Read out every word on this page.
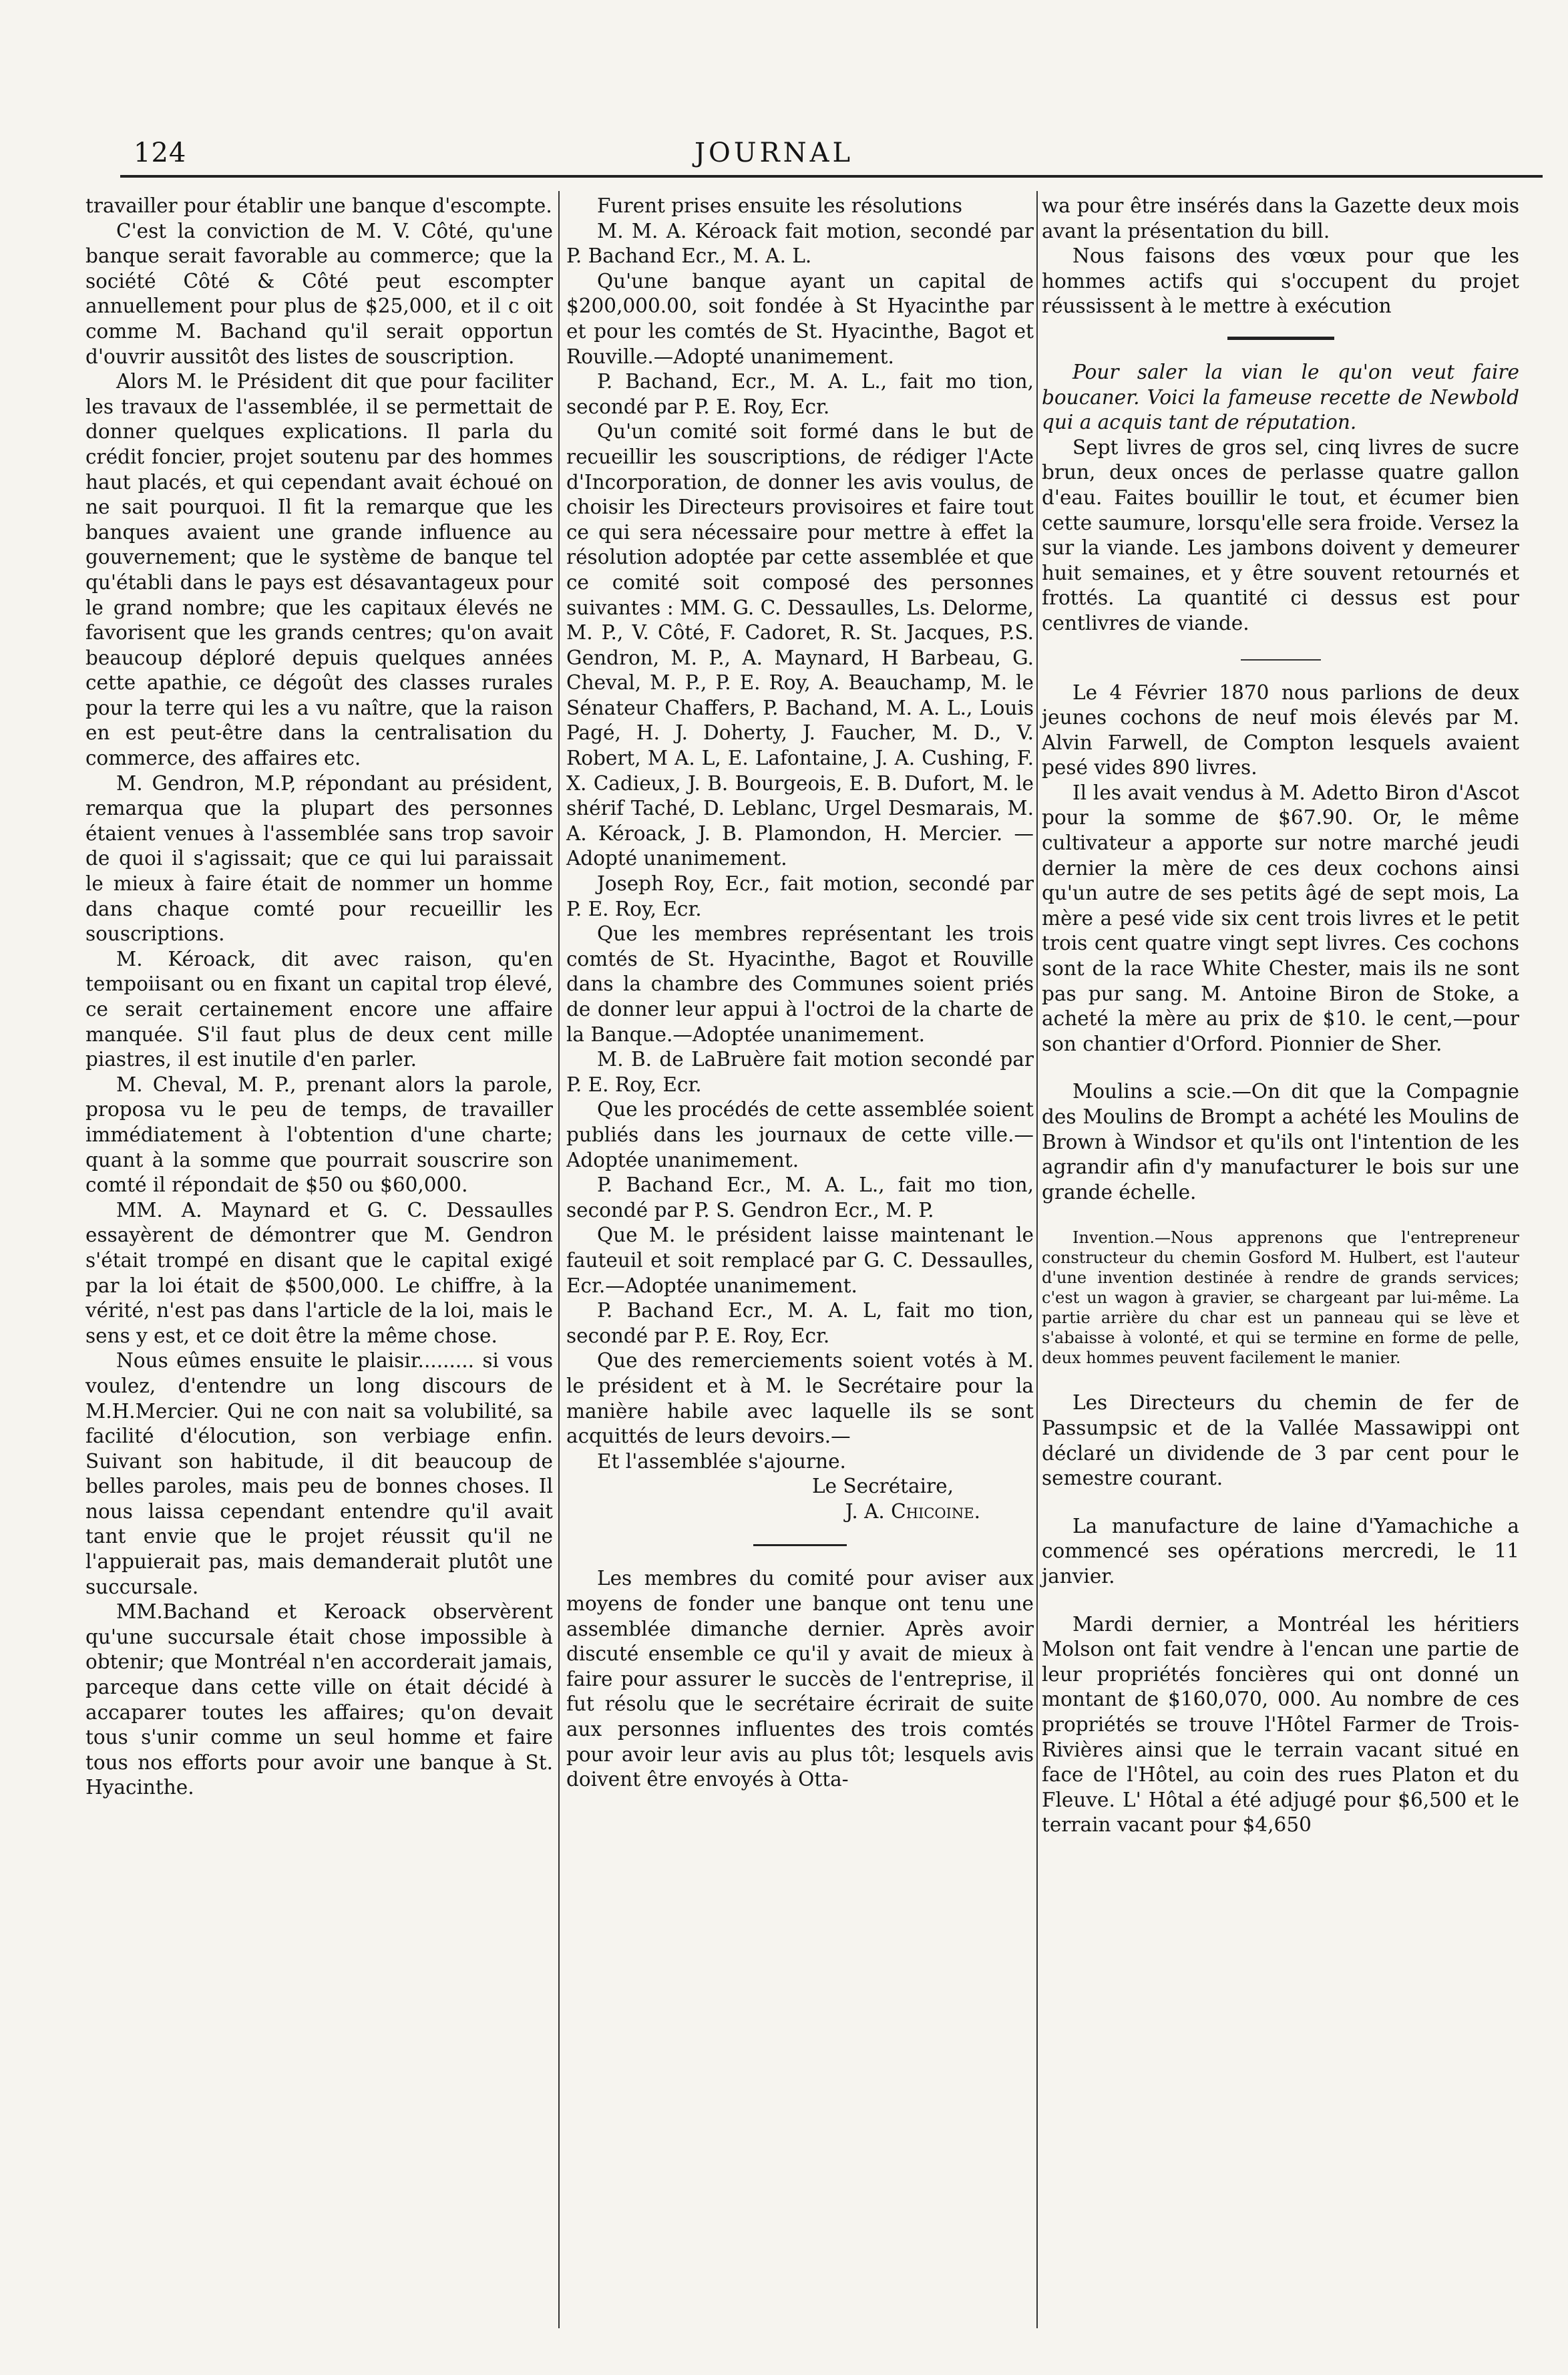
124	JOURNAL

travailler pour établir une banque d'escompte.

C'est la conviction de M. V. Côté, qu'une banque serait favorable au commerce; que la société Côté & Côté peut escompter annuellement pour plus de $25,000, et il c oit comme M. Bachand qu'il serait opportun d'ouvrir aussitôt des listes de souscription.

Alors M. le Président dit que pour faciliter les travaux de l'assemblée, il se permettait de donner quelques explications. Il parla du crédit foncier, projet soutenu par des hommes haut placés, et qui cependant avait échoué on ne sait pourquoi. Il fit la remarque que les banques avaient une grande influence au gouvernement; que le système de banque tel qu'établi dans le pays est désavantageux pour le grand nombre; que les capitaux élevés ne favorisent que les grands centres; qu'on avait beaucoup déploré depuis quelques années cette apathie, ce dégoût des classes rurales pour la terre qui les a vu naître, que la raison en est peut-être dans la centralisation du commerce, des affaires etc.

M. Gendron, M.P, répondant au président, remarqua que la plupart des personnes étaient venues à l'assemblée sans trop savoir de quoi il s'agissait; que ce qui lui paraissait le mieux à faire était de nommer un homme dans chaque comté pour recueillir les souscriptions.

M. Kéroack, dit avec raison, qu'en tempoiisant ou en fixant un capital trop élevé, ce serait certainement encore une affaire manquée. S'il faut plus de deux cent mille piastres, il est inutile d'en parler.

M. Cheval, M. P., prenant alors la parole, proposa vu le peu de temps, de travailler immédiatement à l'obtention d'une charte; quant à la somme que pourrait souscrire son comté il répondait de $50 ou $60,000.

MM. A. Maynard et G. C. Dessaulles essayèrent de démontrer que M. Gendron s'était trompé en disant que le capital exigé par la loi était de $500,000. Le chiffre, à la vérité, n'est pas dans l'article de la loi, mais le sens y est, et ce doit être la même chose.

Nous eûmes ensuite le plaisir......... si vous voulez, d'entendre un long discours de M.H.Mercier. Qui ne con nait sa volubilité, sa facilité d'élocution, son verbiage enfin. Suivant son habitude, il dit beaucoup de belles paroles, mais peu de bonnes choses. Il nous laissa cependant entendre qu'il avait tant envie que le projet réussit qu'il ne l'appuierait pas, mais demanderait plutôt une succursale.

MM.Bachand et Keroack observèrent qu'une succursale était chose impossible à obtenir; que Montréal n'en accorderait jamais, parceque dans cette ville on était décidé à accaparer toutes les affaires; qu'on devait tous s'unir comme un seul homme et faire tous nos efforts pour avoir une banque à St. Hyacinthe.

Furent prises ensuite les résolutions

M. M. A. Kéroack fait motion, secondé par P. Bachand Ecr., M. A. L.

Qu'une banque ayant un capital de $200,000.00, soit fondée à St Hyacinthe par et pour les comtés de St. Hyacinthe, Bagot et Rouville.—Adopté unanimement.

P. Bachand, Ecr., M. A. L., fait mo tion, secondé par P. E. Roy, Ecr.

Qu'un comité soit formé dans le but de recueillir les souscriptions, de rédiger l'Acte d'Incorporation, de donner les avis voulus, de choisir les Directeurs provisoires et faire tout ce qui sera nécessaire pour mettre à effet la résolution adoptée par cette assemblée et que ce comité soit composé des personnes suivantes : MM. G. C. Dessaulles, Ls. Delorme, M. P., V. Côté, F. Cadoret, R. St. Jacques, P.S. Gendron, M. P., A. Maynard, H Barbeau, G. Cheval, M. P., P. E. Roy, A. Beauchamp, M. le Sénateur Chaffers, P. Bachand, M. A. L., Louis Pagé, H. J. Doherty, J. Faucher, M. D., V. Robert, M A. L, E. Lafontaine, J. A. Cushing, F. X. Cadieux, J. B. Bourgeois, E. B. Dufort, M. le shérif Taché, D. Leblanc, Urgel Desmarais, M. A. Kéroack, J. B. Plamondon, H. Mercier. —Adopté unanimement.

Joseph Roy, Ecr., fait motion, secondé par P. E. Roy, Ecr.

Que les membres représentant les trois comtés de St. Hyacinthe, Bagot et Rouville dans la chambre des Communes soient priés de donner leur appui à l'octroi de la charte de la Banque.—Adoptée unanimement.

M. B. de LaBruère fait motion secondé par P. E. Roy, Ecr.

Que les procédés de cette assemblée soient publiés dans les journaux de cette ville.—Adoptée unanimement.

P. Bachand Ecr., M. A. L., fait mo tion, secondé par P. S. Gendron Ecr., M. P.

Que M. le président laisse maintenant le fauteuil et soit remplacé par G. C. Dessaulles, Ecr.—Adoptée unanimement.

P. Bachand Ecr., M. A. L, fait mo tion, secondé par P. E. Roy, Ecr.

Que des remerciements soient votés à M. le président et à M. le Secrétaire pour la manière habile avec laquelle ils se sont acquittés de leurs devoirs.—

Et l'assemblée s'ajourne.

Le Secrétaire,

J. A. Chicoine.

Les membres du comité pour aviser aux moyens de fonder une banque ont tenu une assemblée dimanche dernier. Après avoir discuté ensemble ce qu'il y avait de mieux à faire pour assurer le succès de l'entreprise, il fut résolu que le secrétaire écrirait de suite aux personnes influentes des trois comtés pour avoir leur avis au plus tôt; lesquels avis doivent être envoyés à Otta-

wa pour être insérés dans la Gazette deux mois avant la présentation du bill.

Nous faisons des vœux pour que les hommes actifs qui s'occupent du projet réussissent à le mettre à exécution

Pour saler la vian le qu'on veut faire boucaner. Voici la fameuse recette de Newbold qui a acquis tant de réputation.

Sept livres de gros sel, cinq livres de sucre brun, deux onces de perlasse quatre gallon d'eau. Faites bouillir le tout, et écumer bien cette saumure, lorsqu'elle sera froide. Versez la sur la viande. Les jambons doivent y demeurer huit semaines, et y être souvent retournés et frottés. La quantité ci dessus est pour centlivres de viande.

Le 4 Février 1870 nous parlions de deux jeunes cochons de neuf mois élevés par M. Alvin Farwell, de Compton lesquels avaient pesé vides 890 livres.

Il les avait vendus à M. Adetto Biron d'Ascot pour la somme de $67.90. Or, le même cultivateur a apporte sur notre marché jeudi dernier la mère de ces deux cochons ainsi qu'un autre de ses petits âgé de sept mois, La mère a pesé vide six cent trois livres et le petit trois cent quatre vingt sept livres. Ces cochons sont de la race White Chester, mais ils ne sont pas pur sang. M. Antoine Biron de Stoke, a acheté la mère au prix de $10. le cent,—pour son chantier d'Orford. Pionnier de Sher.

Moulins a scie.—On dit que la Compagnie des Moulins de Brompt a achété les Moulins de Brown à Windsor et qu'ils ont l'intention de les agrandir afin d'y manufacturer le bois sur une grande échelle.

Invention.—Nous apprenons que l'entrepreneur constructeur du chemin Gosford M. Hulbert, est l'auteur d'une invention destinée à rendre de grands services; c'est un wagon à gravier, se chargeant par lui-même. La partie arrière du char est un panneau qui se lève et s'abaisse à volonté, et qui se termine en forme de pelle, deux hommes peuvent facilement le manier.

Les Directeurs du chemin de fer de Passumpsic et de la Vallée Massawippi ont déclaré un dividende de 3 par cent pour le semestre courant.

La manufacture de laine d'Yamachiche a commencé ses opérations mercredi, le 11 janvier.

Mardi dernier, a Montréal les héritiers Molson ont fait vendre à l'encan une partie de leur propriétés foncières qui ont donné un montant de $160,070, 000. Au nombre de ces propriétés se trouve l'Hôtel Farmer de Trois-Rivières ainsi que le terrain vacant situé en face de l'Hôtel, au coin des rues Platon et du Fleuve. L' Hôtal a été adjugé pour $6,500 et le terrain vacant pour $4,650
